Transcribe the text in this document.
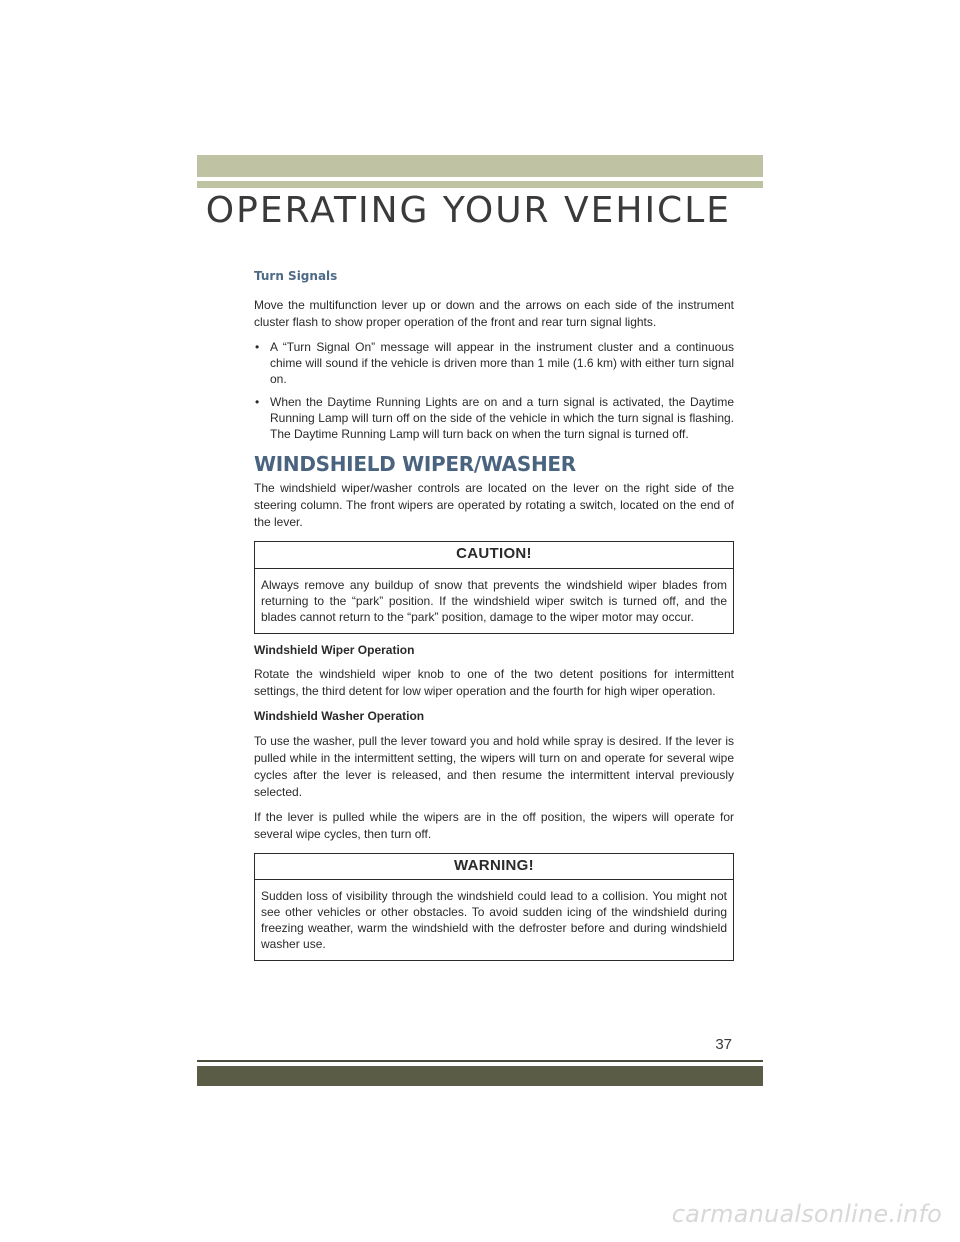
OPERATING YOUR VEHICLE
Turn Signals

Move the multifunction lever up or down and the arrows on each side of the instrument cluster flash to show proper operation of the front and rear turn signal lights.

• A “Turn Signal On” message will appear in the instrument cluster and a continuous chime will sound if the vehicle is driven more than 1 mile (1.6 km) with either turn signal on.
• When the Daytime Running Lights are on and a turn signal is activated, the Daytime Running Lamp will turn off on the side of the vehicle in which the turn signal is flashing. The Daytime Running Lamp will turn back on when the turn signal is turned off.
WINDSHIELD WIPER/WASHER

The windshield wiper/washer controls are located on the lever on the right side of the steering column. The front wipers are operated by rotating a switch, located on the end of the lever.

CAUTION!
Always remove any buildup of snow that prevents the windshield wiper blades from returning to the “park” position. If the windshield wiper switch is turned off, and the blades cannot return to the “park” position, damage to the wiper motor may occur.
Windshield Wiper Operation

Rotate the windshield wiper knob to one of the two detent positions for intermittent settings, the third detent for low wiper operation and the fourth for high wiper operation.

Windshield Washer Operation

To use the washer, pull the lever toward you and hold while spray is desired. If the lever is pulled while in the intermittent setting, the wipers will turn on and operate for several wipe cycles after the lever is released, and then resume the intermittent interval previously selected.

If the lever is pulled while the wipers are in the off position, the wipers will operate for several wipe cycles, then turn off.

WARNING!
Sudden loss of visibility through the windshield could lead to a collision. You might not see other vehicles or other obstacles. To avoid sudden icing of the windshield during freezing weather, warm the windshield with the defroster before and during windshield washer use.
37
carmanualsonline.info
